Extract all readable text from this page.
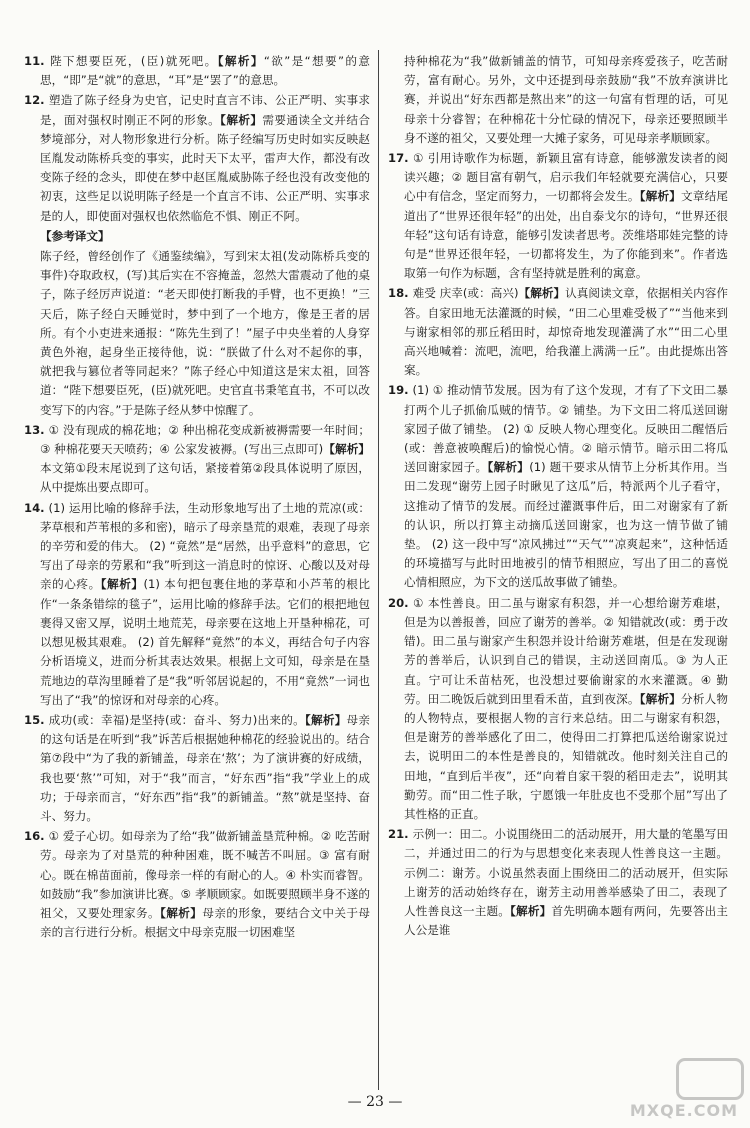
11. 陛下想要臣死，(臣)就死吧。【解析】“欲”是“想要”的意思，“即”是“就”的意思，“耳”是“罢了”的意思。
12. 塑造了陈子经身为史官，记史时直言不讳、公正严明、实事求是，面对强权时刚正不阿的形象。【解析】需要通读全文并结合梦境部分，对人物形象进行分析。陈子经编写历史时如实反映赵匡胤发动陈桥兵变的事实，此时天下太平，雷声大作，都没有改变陈子经的念头，即使在梦中赵匡胤威胁陈子经也没有改变他的初衷，这些足以说明陈子经是一个直言不讳、公正严明、实事求是的人，即使面对强权也依然临危不惧、刚正不阿。
【参考译文】
陈子经，曾经创作了《通鉴续编》，写到宋太祖(发动陈桥兵变的事件)夺取政权，(写)其后实在不容掩盖，忽然大雷震动了他的桌子，陈子经厉声说道：“老天即使打断我的手臂，也不更换！”三天后，陈子经白天睡觉时，梦中到了一个地方，像是王者的居所。有个小吏进来通报：“陈先生到了！”屋子中央坐着的人身穿黄色外袍，起身坐正接待他，说：“朕做了什么对不起你的事，就把我与篡位者等同起来？”陈子经心中知道这是宋太祖，回答道：“陛下想要臣死，(臣)就死吧。史官直书秉笔直书，不可以改变写下的内容。”于是陈子经从梦中惊醒了。
13. ① 没有现成的棉花地；② 种出棉花变成新被褥需要一年时间；③ 种棉花要天天喷药；④ 公家发被褥。(写出三点即可)【解析】本文第①段末尾说到了这句话，紧接着第②段具体说明了原因，从中提炼出要点即可。
14. (1) 运用比喻的修辞手法，生动形象地写出了土地的荒凉(或：茅草根和芦苇根的多和密)，暗示了母亲垦荒的艰难，表现了母亲的辛劳和爱的伟大。 (2) “竟然”是“居然，出乎意料”的意思，它写出了母亲的劳累和“我”听到这一消息时的惊讶、心酸以及对母亲的心疼。【解析】(1) 本句把包裹住地的茅草和小芦苇的根比作“一条条错综的毯子”，运用比喻的修辞手法。它们的根把地包裹得又密又厚，说明土地荒芜，母亲要在这地上开垦种棉花，可以想见极其艰难。 (2) 首先解释“竟然”的本义，再结合句子内容分析语境义，进而分析其表达效果。根据上文可知，母亲是在垦荒地边的草沟里睡着了是“我”听邻居说起的，不用“竟然”一词也写出了“我”的惊讶和对母亲的心疼。
15. 成功(或：幸福)是坚持(或：奋斗、努力)出来的。【解析】母亲的这句话是在听到“我”诉苦后根据她种棉花的经验说出的。结合第⑦段中“为了我的新铺盖，母亲在‘熬’；为了演讲赛的好成绩，我也要‘熬’”可知，对于“我”而言，“好东西”指“我”学业上的成功；于母亲而言，“好东西”指“我”的新铺盖。“熬”就是坚持、奋斗、努力。
16. ① 爱子心切。如母亲为了给“我”做新铺盖垦荒种棉。② 吃苦耐劳。母亲为了对垦荒的种种困难，既不喊苦不叫屈。③ 富有耐心。既在棉苗面前，像母亲一样的有耐心的人。④ 朴实而睿智。如鼓励“我”参加演讲比赛。⑤ 孝顺顾家。如既要照顾半身不遂的祖父，又要处理家务。【解析】母亲的形象，要结合文中关于母亲的言行进行分析。根据文中母亲克服一切困难坚
持种棉花为“我”做新铺盖的情节，可知母亲疼爱孩子，吃苦耐劳，富有耐心。另外，文中还提到母亲鼓励“我”不放弃演讲比赛，并说出“好东西都是熬出来”的这一句富有哲理的话，可见母亲十分睿智；在种棉花十分忙碌的情况下，母亲还要照顾半身不遂的祖父，又要处理一大摊子家务，可见母亲孝顺顾家。
17. ① 引用诗歌作为标题，新颖且富有诗意，能够激发读者的阅读兴趣；② 题目富有朝气，启示我们年轻就要充满信心，只要心中有信念，坚定而努力，一切都将会发生。【解析】文章结尾道出了“世界还很年轻”的出处，出自泰戈尔的诗句，“世界还很年轻”这句话有诗意，能够引发读者思考。茨维塔耶娃完整的诗句是“世界还很年轻，一切都将发生，为了你能到来”。作者选取第一句作为标题，含有坚持就是胜利的寓意。
18. 难受 庆幸(或：高兴)【解析】认真阅读文章，依据相关内容作答。自家田地无法灌溉的时候，“田二心里难受极了”“当他来到与谢家相邻的那丘稻田时，却惊奇地发现灌满了水”“田二心里高兴地喊着：流吧，流吧，给我灌上满满一丘”。由此提炼出答案。
19. (1) ① 推动情节发展。因为有了这个发现，才有了下文田二暴打两个儿子抓偷瓜贼的情节。② 铺垫。为下文田二将瓜送回谢家园子做了铺垫。 (2) ① 反映人物心理变化。反映田二醒悟后(或：善意被唤醒后)的愉悦心情。② 暗示情节。暗示田二将瓜送回谢家园子。【解析】(1) 题干要求从情节上分析其作用。当田二发现“谢劳上园子时瞅见了这瓜”后，特派两个儿子看守，这推动了情节的发展。而经过灌溉事件后，田二对谢家有了新的认识，所以打算主动摘瓜送回谢家，也为这一情节做了铺垫。 (2) 这一段中写“凉风拂过”“天气”“凉爽起来”，这种恬适的环境描写与此时田地被引的情节相照应，写出了田二的喜悦心情相照应，为下文的送瓜故事做了铺垫。
20. ① 本性善良。田二虽与谢家有积怨，并一心想给谢芳难堪，但是为以善报善，回应了谢芳的善举。② 知错就改(或：勇于改错)。田二虽与谢家产生积怨并设计给谢芳难堪，但是在发现谢芳的善举后，认识到自己的错误，主动送回南瓜。③ 为人正直。宁可让禾苗枯死，也没想过要偷谢家的水来灌溉。④ 勤劳。田二晚饭后就到田里看禾苗，直到夜深。【解析】分析人物的人物特点，要根据人物的言行来总结。田二与谢家有积怨，但是谢芳的善举感化了田二，使得田二打算把瓜送给谢家说过去，说明田二的本性是善良的，知错就改。他时刻关注自己的田地，“直到后半夜”，还“向着自家干裂的稻田走去”，说明其勤劳。而“田二性子耿，宁愿饿一年肚皮也不受那个屈”写出了其性格的正直。
21. 示例一：田二。小说围绕田二的活动展开，用大量的笔墨写田二，并通过田二的行为与思想变化来表现人性善良这一主题。 示例二：谢芳。小说虽然表面上围绕田二的活动展开，但实际上谢芳的活动始终存在，谢芳主动用善举感染了田二，表现了人性善良这一主题。【解析】首先明确本题有两问，先要答出主人公是谁
— 23 —	MXQE.COM
